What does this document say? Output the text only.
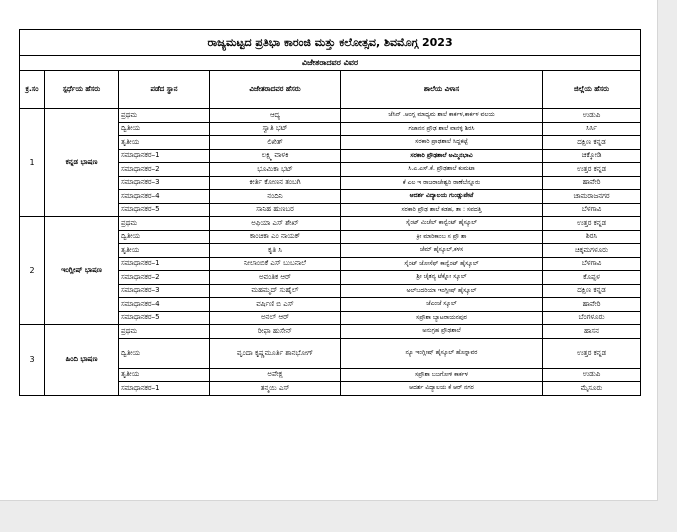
ರಾಜ್ಯಮಟ್ಟದ ಪ್ರತಿಭಾ ಕಾರಂಜಿ ಮತ್ತು ಕಲೋತ್ಸವ, ಶಿವಮೊಗ್ಗ 2023					
ವಿಜೇತರಾದವರ ವಿವರ					
ಕ್ರ.ಸಂ	ಸ್ಪರ್ಧೆಯ ಹೆಸರು	ಪಡೆದ ಸ್ಥಾನ	ವಿಜೇತರಾದವರ ಹೆಸರು	ಶಾಲೆಯ ವಿಳಾಸ	ಜಿಲ್ಲೆಯ ಹೆಸರು
1	ಕನ್ನಡ ಭಾಷಣ	ಪ್ರಥಮ	ಆದ್ಯ	ಜೆಸಿನ್ .ಆಂಗ್ಲ ಮಾಧ್ಯಮ ಶಾಲೆ ಕಾರ್ಕಳ,ಕಾರ್ಕಳ ವಲಯ	ಉಡುಪಿ
		ದ್ವಿತೀಯ	ಸ್ವಾತಿ ಭಟ್	ಗಜಾನನ ಪ್ರೌಢ ಶಾಲೆ ವಾನಳ್ಳಿ ಶಿರಸಿ	ಸಿರ್ಸಿ
		ತೃತೀಯ	ಲಿಖಿತ್	ಸರಕಾರಿ ಪ್ರಾಢಶಾಲೆ ಸಿದ್ದಕಟ್ಟೆ	ದಕ್ಷಿಣ ಕನ್ನಡ
		ಸಮಾಧಾನಕರ–1	ಲಕ್ಷ್ಮಿ ವಾಳಕಿ	ಸರಕಾರಿ ಪ್ರೌಢಶಾಲೆ ಅಮ್ಮಿನಭಾವಿ	ಚಿಕ್ಕೋಡಿ
		ಸಮಾಧಾನಕರ–2	ಭೂಮಿಕಾ ಭಟ್	ಸಿ.ಎ.ಎಸ್.ಕೆ. ಪ್ರೌಢಶಾಲೆ ಕುಮಟಾ	ಉತ್ತರ ಕನ್ನಡ
		ಸಮಾಧಾನಕರ–3	ಕೀರ್ತಿ ಕೋಣನ ತಂಬಗಿ	ಕೆ ಎಲ ಇ ರಾಜರಾಜೇಶ್ವರಿ ರಾಣೆಬೆನ್ನೂರು	ಹಾವೇರಿ
		ಸಮಾಧಾನಕರ–4	ನಂದಿನಿ	ಆದರ್ಶ ವಿದ್ಯಾಲಯ ಗುಂಡ್ಲುಪೇಟೆ	ಚಾಮರಾಜನಗರ
		ಸಮಾಧಾನಕರ–5	ಸಾನಿಹ ಹುಣಬರ	ಸರಕಾರಿ ಪ್ರೌಢ ಶಾಲೆ ಕಡಹ, ತಾ : ಸವದತ್ತಿ	ಬೆಳಗಾವಿ
2	ಇಂಗ್ಲೀಷ್ ಭಾಷಣ	ಪ್ರಥಮ	ಅಫಿಯಾ ಎಸ್ ಶೇಖ್	ಸೈಂಟ್ ಮಿಚೆಲ್ ಕಾನ್ವೆಂಟ್ ಹೈಸ್ಕೂಲ್	ಉತ್ತರ ಕನ್ನಡ
		ದ್ವಿತೀಯ	ಕಾಂಚಿಕಾ ಎಂ ನಾಯಕ್	ಕ್ರೀ ಮಾರಿಕಾಂಬ ಸ ಪ್ರೌ ಶಾ	ಶಿರಸಿ
		ತೃತೀಯ	ಕೃತಿ ಸಿ	ಜೆಮ್ ಹೈಸ್ಕೂಲ್,ಕಳಸ	ಚಿಕ್ಕಮಗಳೂರು
		ಸಮಾಧಾನಕರ–1	ನೀಲಾಂಬಿಕೆ ಎಸ್ ಬುಬನಾಲೆ	ಸೈಂಟ್ ಜೋಸೆಫ್ ಕಾನ್ವೆಂಟ್ ಹೈಸ್ಕೂಲ್	ಬೆಳಗಾವಿ
		ಸಮಾಧಾನಕರ–2	ಅವಂತಿಕ ಆರ್	ಶ್ರೀ ಚೈತನ್ಯ ಟೆಕ್ನೋ ಸ್ಕೂಲ್	ಕೊಪ್ಪಳ
		ಸಮಾಧಾನಕರ–3	ಮಹಮ್ಮದ್ ಸುಹೈಲ್	ಅಲ್‌ಬದರಿಯಾ ಇಂಗ್ಲೀಷ್ ಹೈಸ್ಕೂಲ್	ದಕ್ಷಿಣ ಕನ್ನಡ
		ಸಮಾಧಾನಕರ–4	ವರ್ಷಿಣಿ ಬಿ ಎಸ್	ಜೆಎಂಜೆ ಸ್ಕೂಲ್	ಹಾವೇರಿ
		ಸಮಾಧಾನಕರ–5	ಅನಲ್ ಆರ್	ಸಪ್ರೌಶಾ ಬ್ಯಾಟರಾಯನಪುರ	ಬೆಂಗಳೂರು
3	ಹಿಂದಿ ಭಾಷಣ	ಪ್ರಥಮ	ರೀಫಾ ಹುಸೇನ್	ಅನುಗ್ರಹ ಪ್ರೌಢಶಾಲೆ	ಹಾಸನ
		ದ್ವಿತೀಯ	ವೃಂದಾ ಕೃಷ್ಣಮೂರ್ತಿ ಶಾನಭೋಗ್	ನ್ಯೂ ಇಂಗ್ಲೀಷ್ ಹೈಸ್ಕೂಲ್ ಹೊನ್ನಾವರ	ಉತ್ತರ ಕನ್ನಡ
		ತೃತೀಯ	ಅಪೇಕ್ಷ	ಸಪ್ರೌಶಾ ಬಜಗೋಳಿ ಕಾರ್ಕಳ	ಉಡುಪಿ
		ಸಮಾಧಾನಕರ–1	ತನ್ಮಯಿ ಎಸ್	ಆದರ್ಶ ವಿದ್ಯಾಲಯ ಕೆ ಆರ್ ನಗರ	ಮೈಸೂರು
